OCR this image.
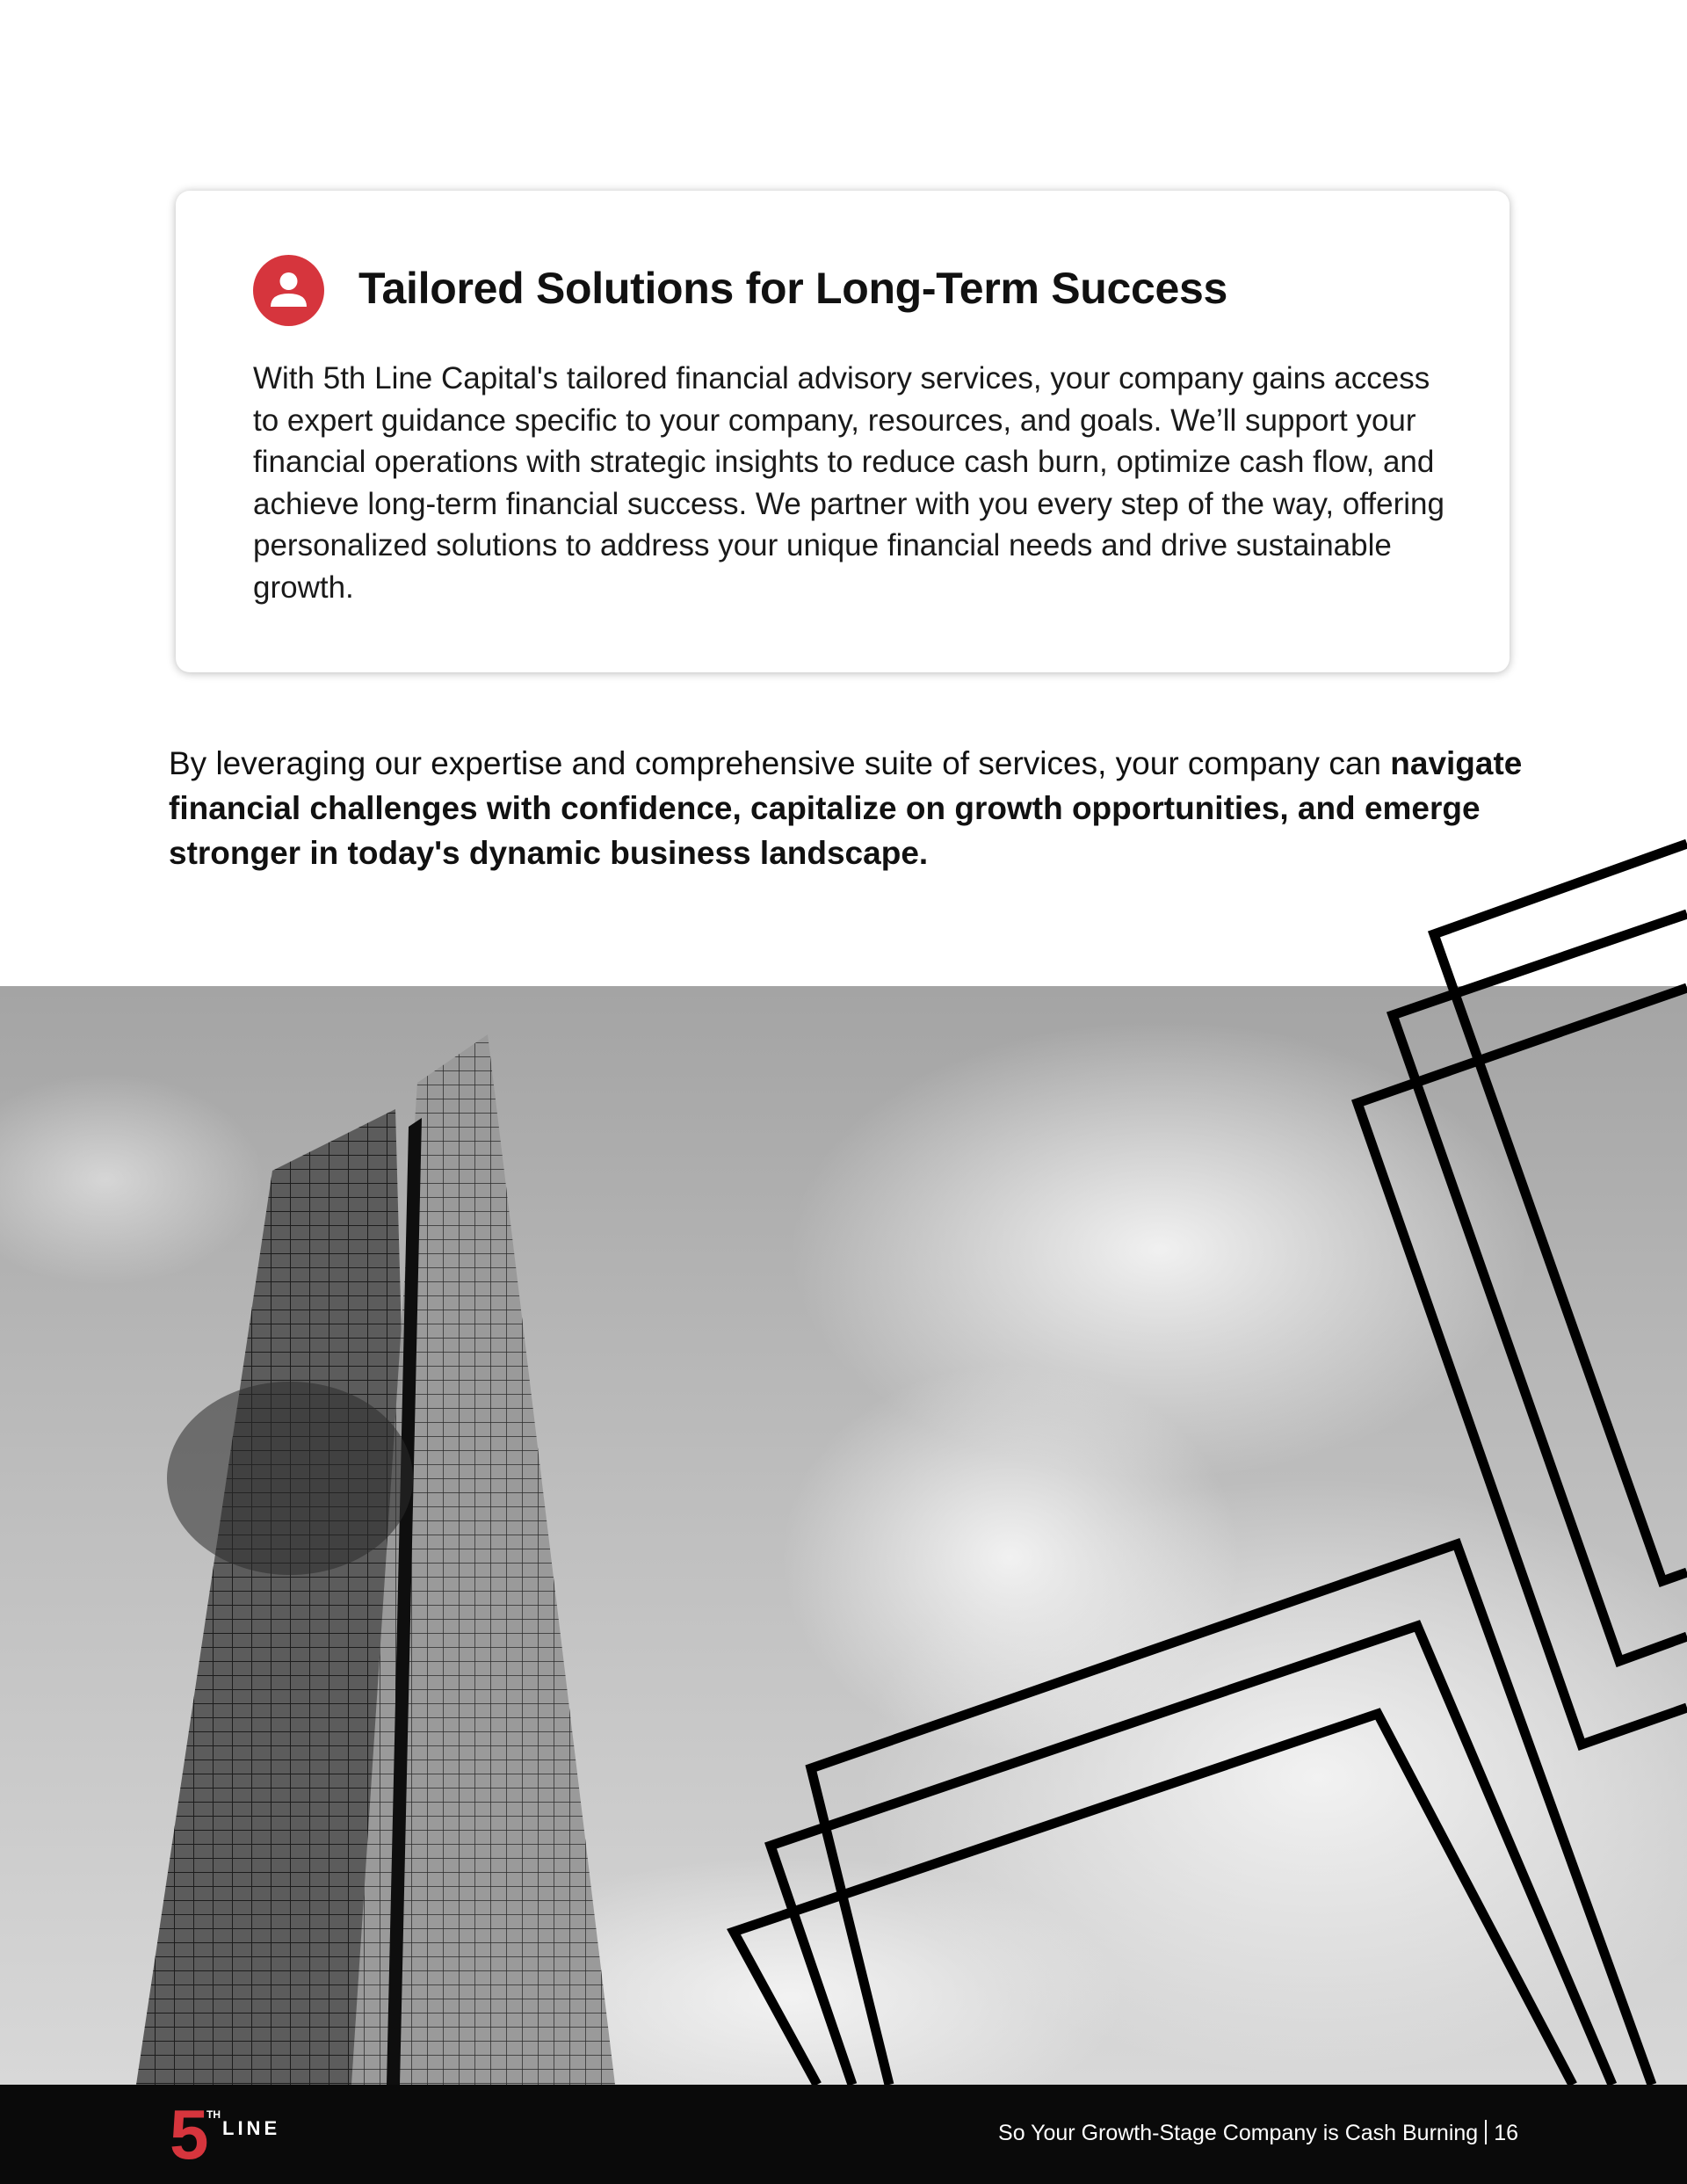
Tailored Solutions for Long-Term Success

With 5th Line Capital's tailored financial advisory services, your company gains access to expert guidance specific to your company, resources, and goals. We’ll support your financial operations with strategic insights to reduce cash burn, optimize cash flow, and achieve long-term financial success. We partner with you every step of the way, offering personalized solutions to address your unique financial needs and drive sustainable growth.

By leveraging our expertise and comprehensive suite of services, your company can navigate financial challenges with confidence, capitalize on growth opportunities, and emerge stronger in today's dynamic business landscape.

5
TH
LINE	So Your Growth-Stage Company is Cash Burning 16
